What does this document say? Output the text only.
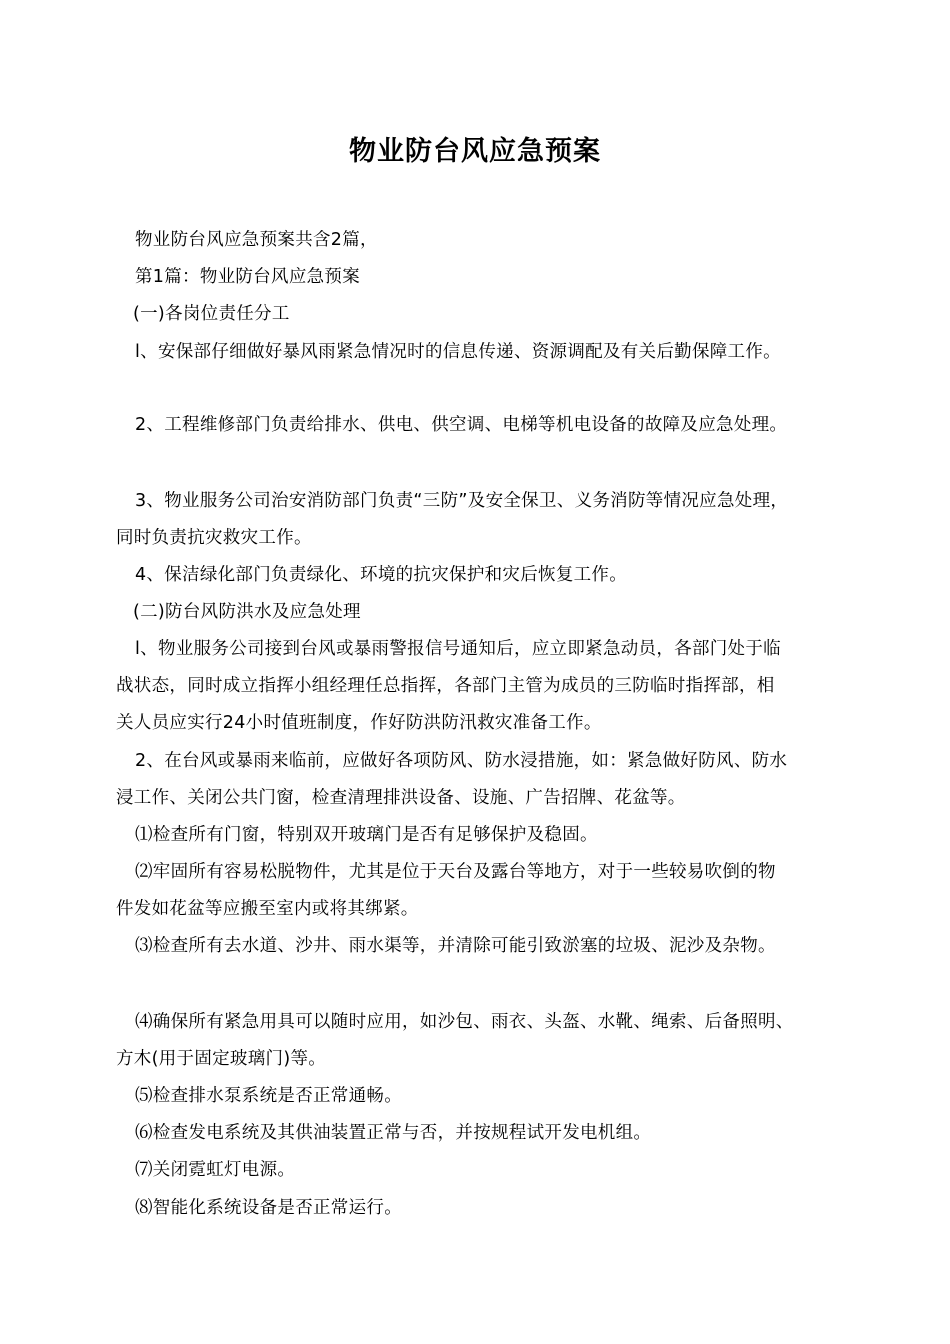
物业防台风应急预案
物业防台风应急预案共含2篇，
第1篇：物业防台风应急预案
(一)各岗位责任分工
l、安保部仔细做好暴风雨紧急情况时的信息传递、资源调配及有关后勤保障工作。
2、工程维修部门负责给排水、供电、供空调、电梯等机电设备的故障及应急处理。
3、物业服务公司治安消防部门负责“三防”及安全保卫、义务消防等情况应急处理，
同时负责抗灾救灾工作。
4、保洁绿化部门负责绿化、环境的抗灾保护和灾后恢复工作。
(二)防台风防洪水及应急处理
l、物业服务公司接到台风或暴雨警报信号通知后，应立即紧急动员，各部门处于临
战状态，同时成立指挥小组经理任总指挥，各部门主管为成员的三防临时指挥部，相
关人员应实行24小时值班制度，作好防洪防汛救灾准备工作。
2、在台风或暴雨来临前，应做好各项防风、防水浸措施，如：紧急做好防风、防水
浸工作、关闭公共门窗，检查清理排洪设备、设施、广告招牌、花盆等。
⑴检查所有门窗，特别双开玻璃门是否有足够保护及稳固。
⑵牢固所有容易松脱物件，尤其是位于天台及露台等地方，对于一些较易吹倒的物
件发如花盆等应搬至室内或将其绑紧。
⑶检查所有去水道、沙井、雨水渠等，并清除可能引致淤塞的垃圾、泥沙及杂物。
⑷确保所有紧急用具可以随时应用，如沙包、雨衣、头盔、水靴、绳索、后备照明、
方木(用于固定玻璃门)等。
⑸检查排水泵系统是否正常通畅。
⑹检查发电系统及其供油装置正常与否，并按规程试开发电机组。
⑺关闭霓虹灯电源。
⑻智能化系统设备是否正常运行。
